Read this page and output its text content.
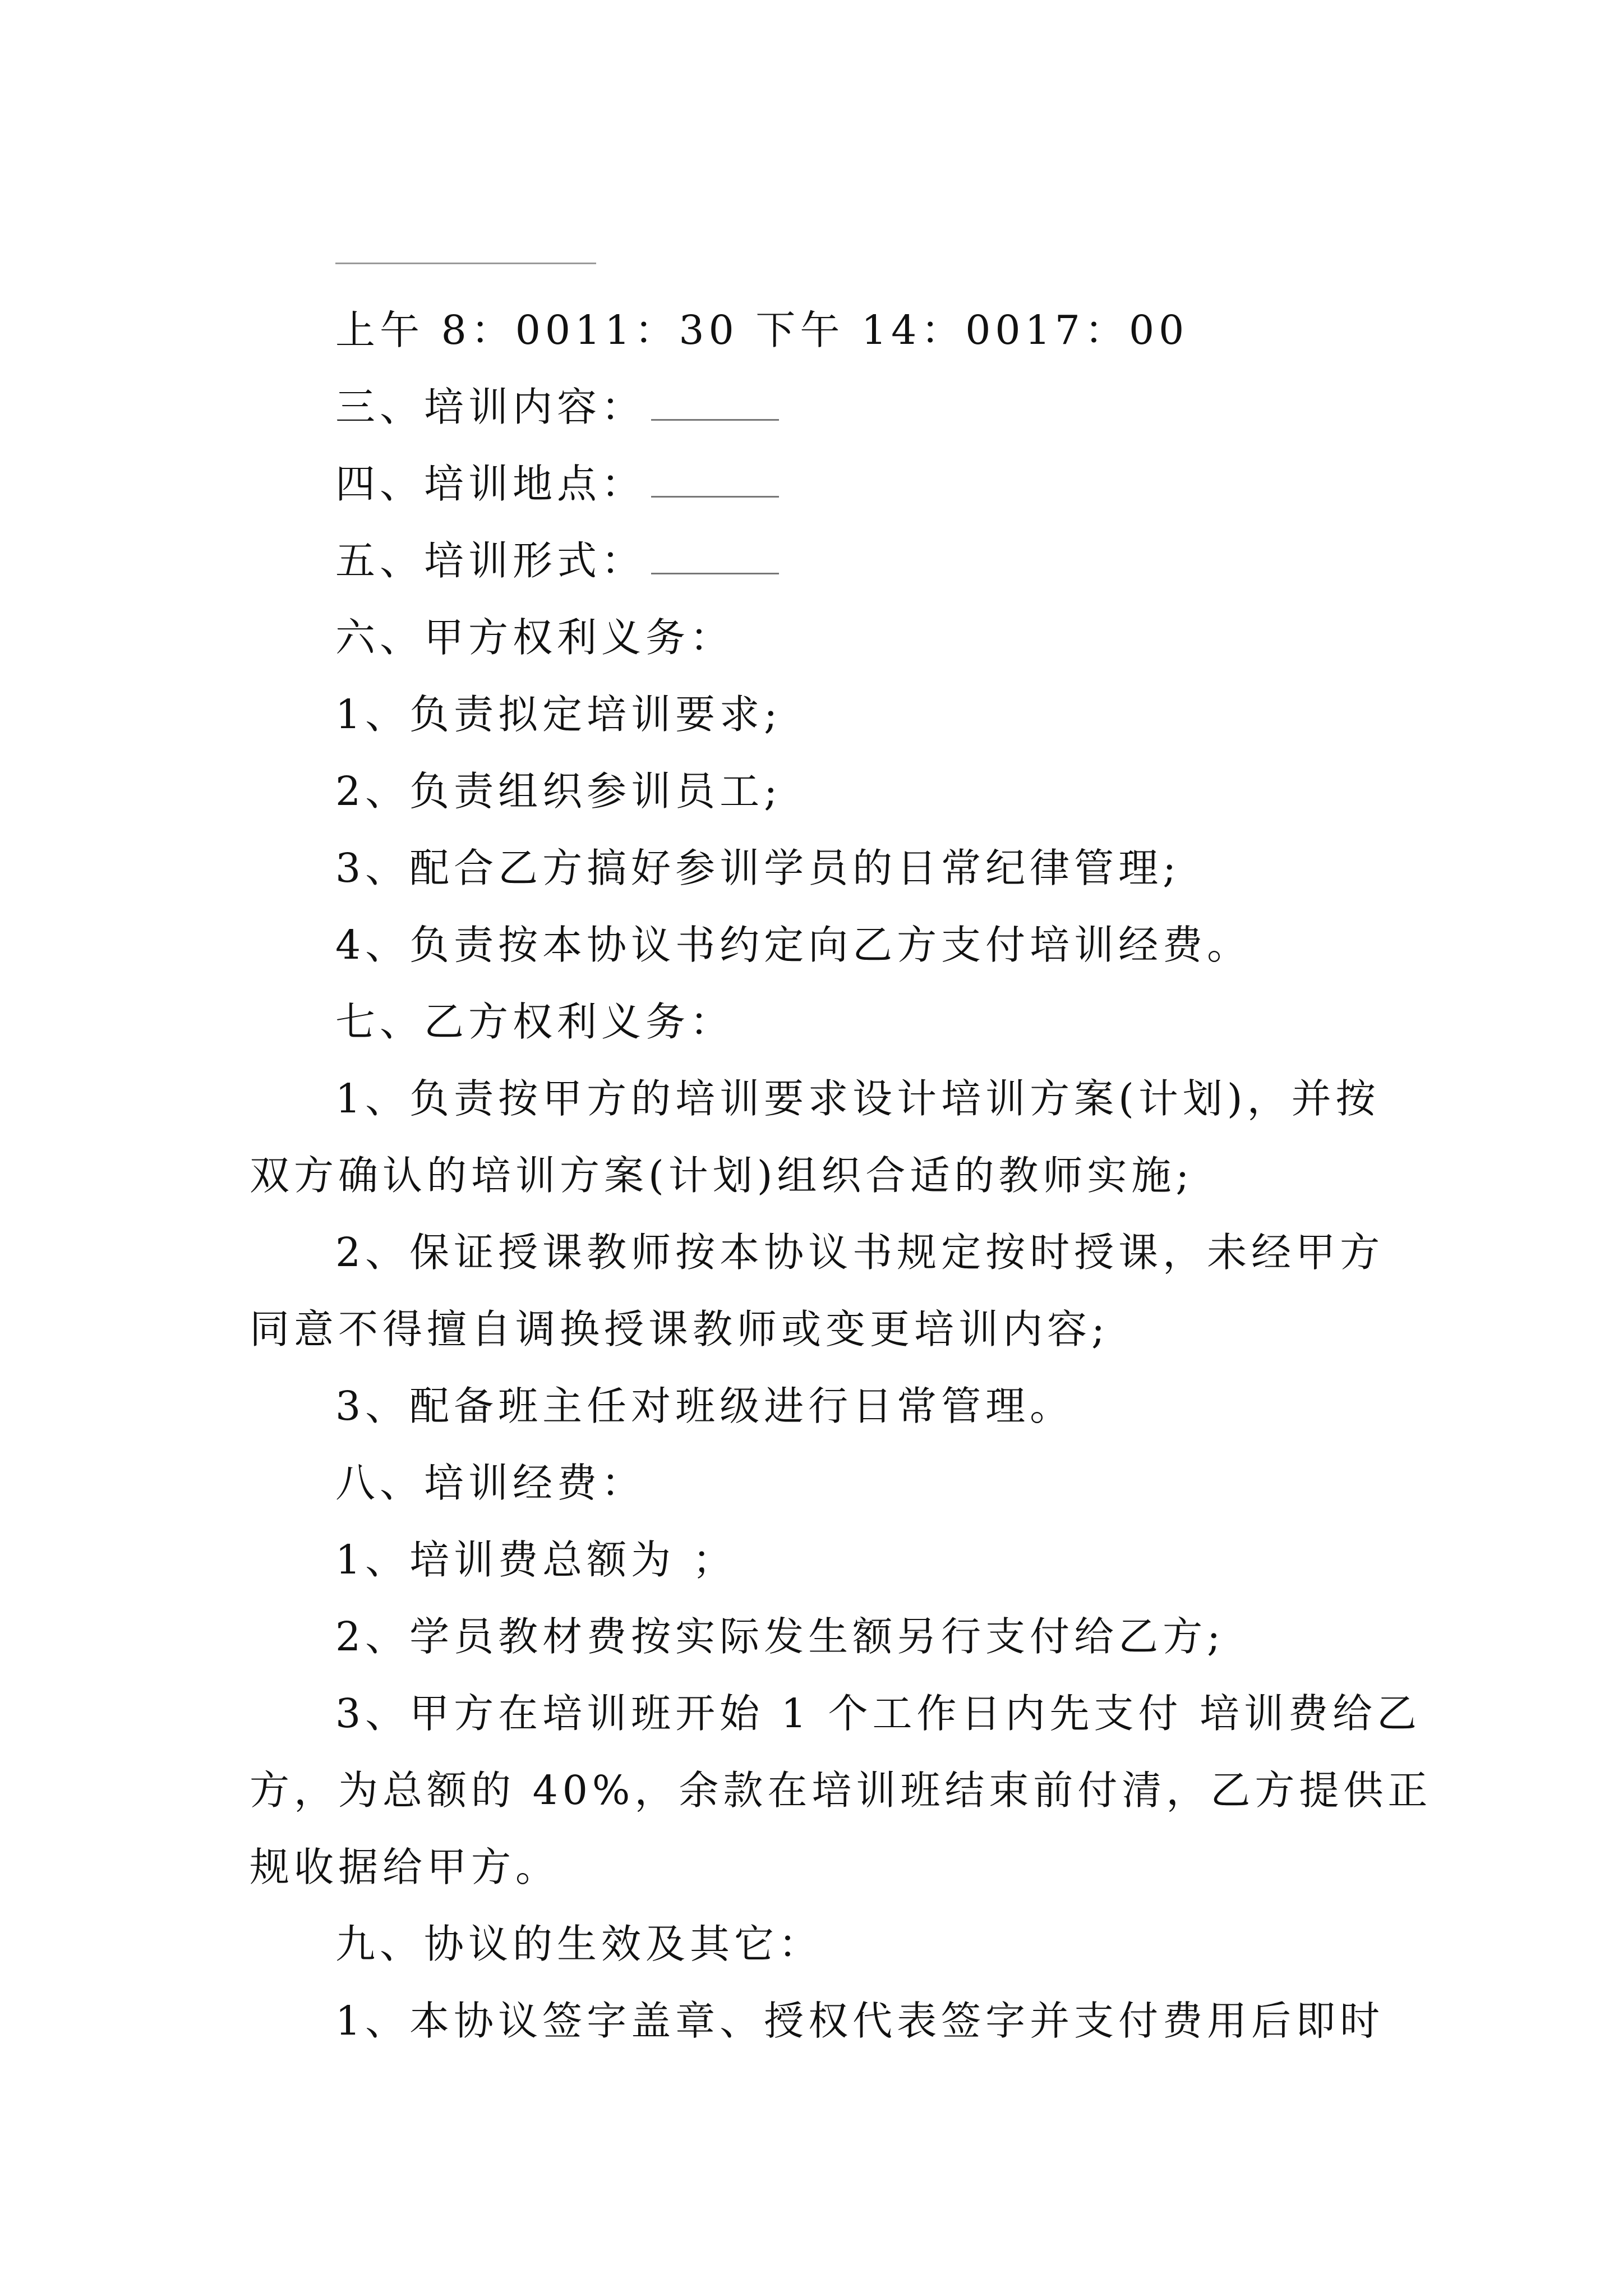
上午 8：0011：30 下午 14：0017：00
三、培训内容：
四、培训地点：
五、培训形式：
六、甲方权利义务：
1、负责拟定培训要求;
2、负责组织参训员工;
3、配合乙方搞好参训学员的日常纪律管理;
4、负责按本协议书约定向乙方支付培训经费。
七、乙方权利义务：
1、负责按甲方的培训要求设计培训方案(计划)，并按
双方确认的培训方案(计划)组织合适的教师实施;
2、保证授课教师按本协议书规定按时授课，未经甲方
同意不得擅自调换授课教师或变更培训内容;
3、配备班主任对班级进行日常管理。
八、培训经费：
1、培训费总额为 ；
2、学员教材费按实际发生额另行支付给乙方;
3、甲方在培训班开始 1 个工作日内先支付 培训费给乙
方，为总额的 40%，余款在培训班结束前付清，乙方提供正
规收据给甲方。
九、协议的生效及其它：
1、本协议签字盖章、授权代表签字并支付费用后即时
